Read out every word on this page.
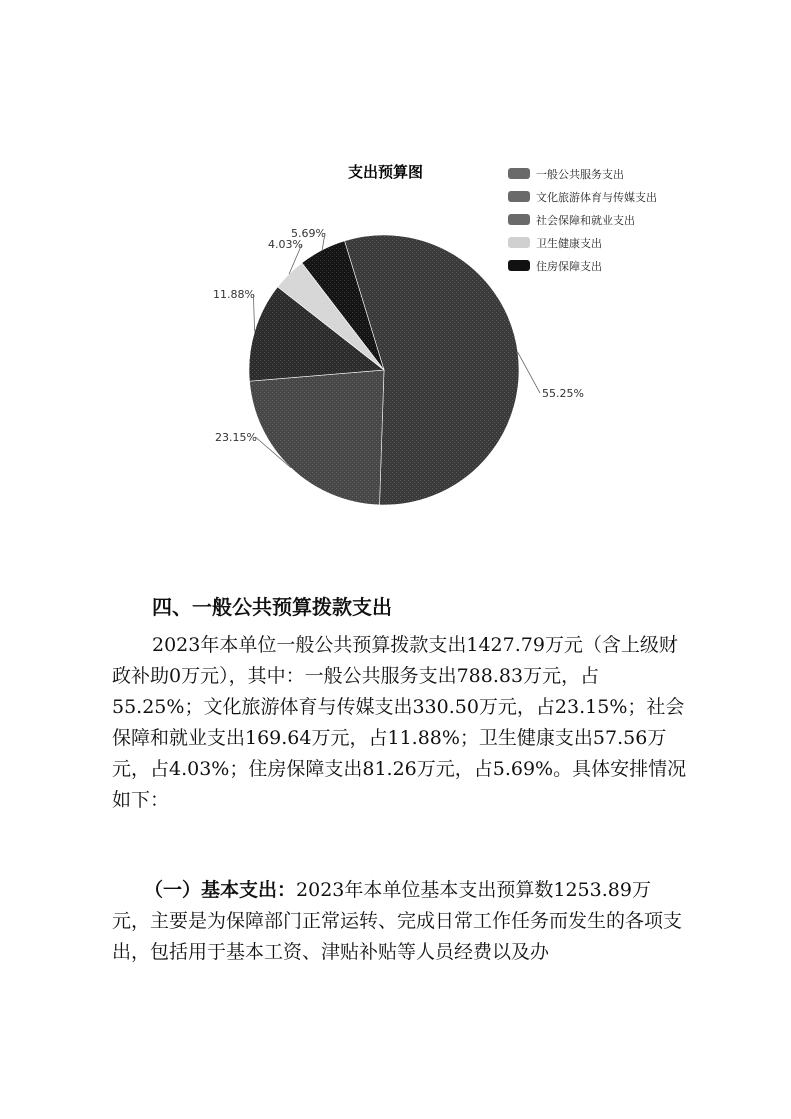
支出预算图
55.25%
23.15%
11.88%
4.03%
5.69%
一般公共服务支出
文化旅游体育与传媒支出
社会保障和就业支出
卫生健康支出
住房保障支出
四、一般公共预算拨款支出

2023年本单位一般公共预算拨款支出1427.79万元（含上级财政补助0万元），其中：一般公共服务支出788.83万元，占55.25%；文化旅游体育与传媒支出330.50万元，占23.15%；社会保障和就业支出169.64万元，占11.88%；卫生健康支出57.56万元，占4.03%；住房保障支出81.26万元，占5.69%。具体安排情况如下：

（一）基本支出：2023年本单位基本支出预算数1253.89万元，主要是为保障部门正常运转、完成日常工作任务而发生的各项支出，包括用于基本工资、津贴补贴等人员经费以及办
